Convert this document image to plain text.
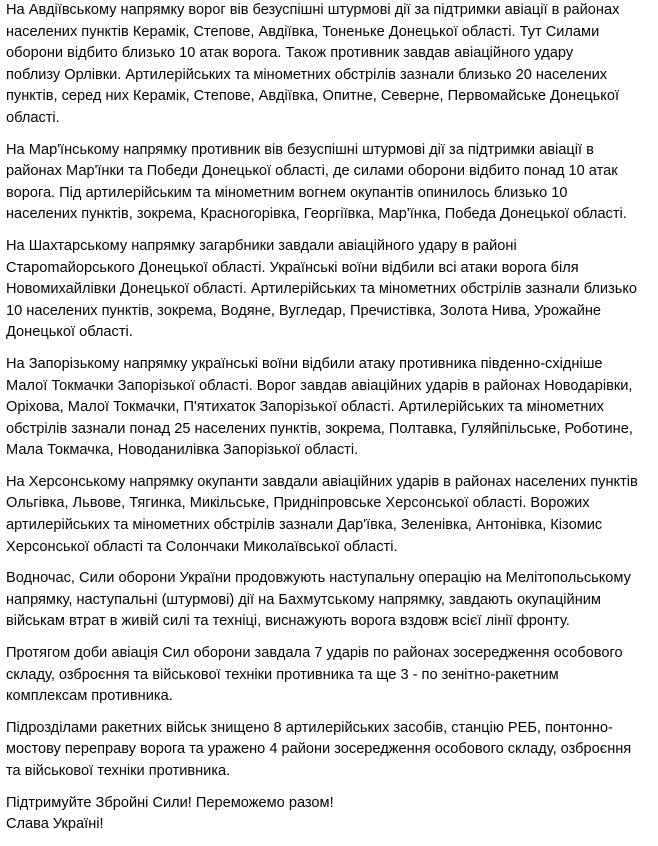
На Авдіївському напрямку ворог вів безуспішні штурмові дії за підтримки авіації в районах
населених пунктів Керамік, Степове, Авдіївка, Тоненьке Донецької області. Тут Силами
оборони відбито близько 10 атак ворога. Також противник завдав авіаційного удару
поблизу Орлівки. Артилерійських та мінометних обстрілів зазнали близько 20 населених
пунктів, серед них Керамік, Степове, Авдіївка, Опитне, Северне, Первомайське Донецької
області.
На Мар'їнському напрямку противник вів безуспішні штурмові дії за підтримки авіації в
районах Мар'їнки та Победи Донецької області, де силами оборони відбито понад 10 атак
ворога. Під артилерійським та мінометним вогнем окупантів опинилось близько 10
населених пунктів, зокрема, Красногорівка, Георгіївка, Мар'їнка, Победа Донецької області.
На Шахтарському напрямку загарбники завдали авіаційного удару в районі
Староmайорського Донецької області. Українські воїни відбили всі атаки ворога біля
Новомихайлівки Донецької області. Артилерійських та мінометних обстрілів зазнали близько
10 населених пунктів, зокрема, Водяне, Вугледар, Пречистівка, Золота Нива, Урожайне
Донецької області.
На Запорізькому напрямку українські воїни відбили атаку противника південно-східніше
Малої Токмачки Запорізької області. Ворог завдав авіаційних ударів в районах Новодарівки,
Орiхова, Малої Токмачки, П'ятихаток Запорізької області. Артилерійських та мінометних
обстрілів зазнали понад 25 населених пунктів, зокрема, Полтавка, Гуляйпільське, Роботине,
Мала Токмачка, Новоданилівка Запорізької області.
На Херсонському напрямку окупанти завдали авіаційних ударів в районах населених пунктів
Ольгівка, Львове, Тягинка, Микільське, Придніпровське Херсонської області. Ворожих
артилерійських та мінометних обстрілів зазнали Дар'ївка, Зеленівка, Антонівка, Кізомис
Херсонської області та Солончаки Миколаївської області.
Водночас, Сили оборони України продовжують наступальну операцію на Мелітопольському
напрямку, наступальні (штурмові) дії на Бахмутському напрямку, завдають окупаційним
військам втрат в живій силі та техніці, виснажують ворога вздовж всієї лінії фронту.
Протягом доби авіація Сил оборони завдала 7 ударів по районах зосередження особового
складу, озброєння та військової техніки противника та ще 3 - по зенітно-ракетним
комплексам противника.
Підрозділами ракетних військ знищено 8 артилерійських засобів, станцію РЕБ, понтонно-
мостову переправу ворога та уражено 4 райони зосередження особового складу, озброєння
та військової техніки противника.
Підтримуйте Збройні Сили! Переможемо разом!
Слава Україні!
